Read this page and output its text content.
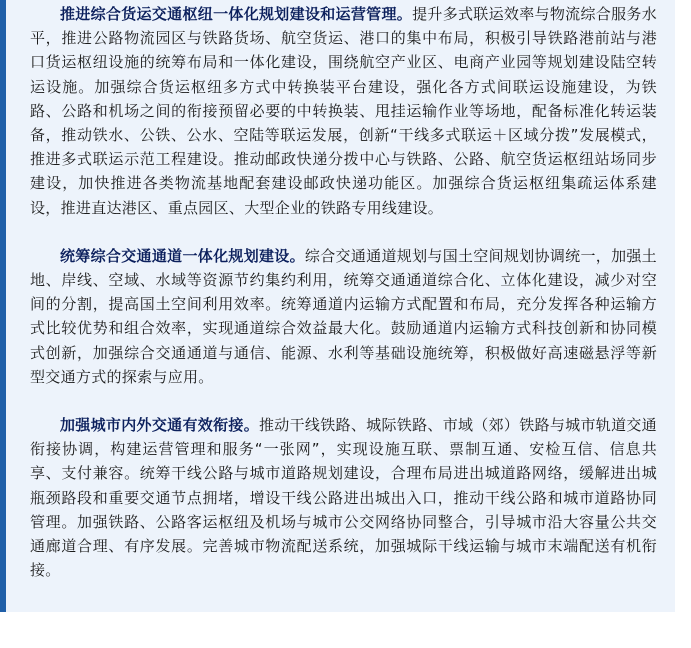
推进综合货运交通枢纽一体化规划建设和运营管理。提升多式联运效率与物流综合服务水平，推进公路物流园区与铁路货场、航空货运、港口的集中布局，积极引导铁路港前站与港口货运枢纽设施的统筹布局和一体化建设，围绕航空产业区、电商产业园等规划建设陆空转运设施。加强综合货运枢纽多方式中转换装平台建设，强化各方式间联运设施建设，为铁路、公路和机场之间的衔接预留必要的中转换装、甩挂运输作业等场地，配备标准化转运装备，推动铁水、公铁、公水、空陆等联运发展，创新“干线多式联运＋区域分拨”发展模式，推进多式联运示范工程建设。推动邮政快递分拨中心与铁路、公路、航空货运枢纽站场同步建设，加快推进各类物流基地配套建设邮政快递功能区。加强综合货运枢纽集疏运体系建设，推进直达港区、重点园区、大型企业的铁路专用线建设。

统筹综合交通通道一体化规划建设。综合交通通道规划与国土空间规划协调统一，加强土地、岸线、空域、水域等资源节约集约利用，统筹交通通道综合化、立体化建设，减少对空间的分割，提高国土空间利用效率。统筹通道内运输方式配置和布局，充分发挥各种运输方式比较优势和组合效率，实现通道综合效益最大化。鼓励通道内运输方式科技创新和协同模式创新，加强综合交通通道与通信、能源、水利等基础设施统筹，积极做好高速磁悬浮等新型交通方式的探索与应用。

加强城市内外交通有效衔接。推动干线铁路、城际铁路、市域（郊）铁路与城市轨道交通衔接协调，构建运营管理和服务“一张网”，实现设施互联、票制互通、安检互信、信息共享、支付兼容。统筹干线公路与城市道路规划建设，合理布局进出城道路网络，缓解进出城瓶颈路段和重要交通节点拥堵，增设干线公路进出城出入口，推动干线公路和城市道路协同管理。加强铁路、公路客运枢纽及机场与城市公交网络协同整合，引导城市沿大容量公共交通廊道合理、有序发展。完善城市物流配送系统，加强城际干线运输与城市末端配送有机衔接。
